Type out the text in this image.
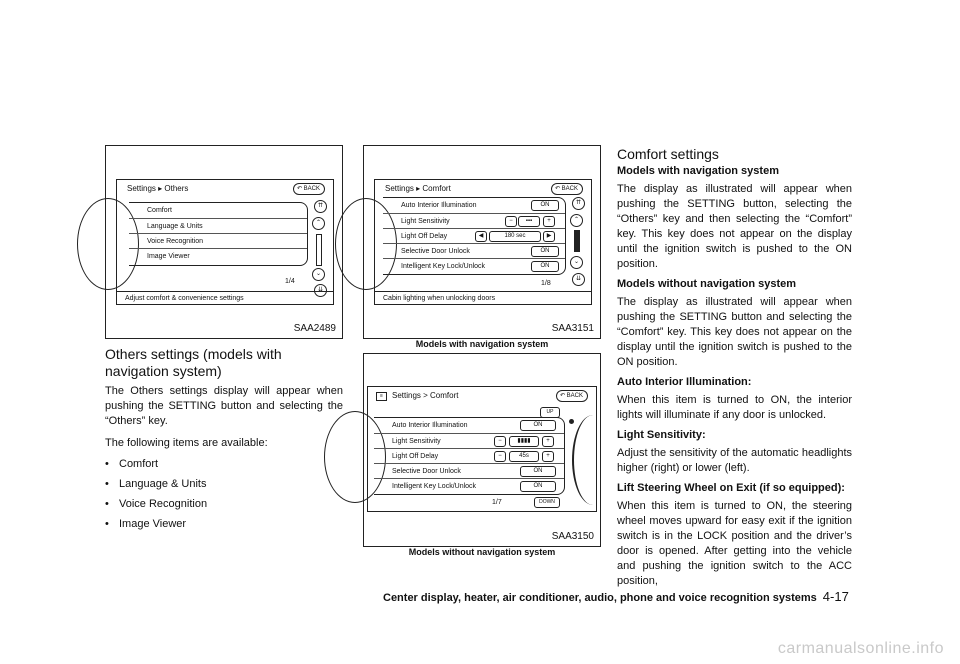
Settings ▸ Others	↶ BACK
Comfort
Language & Units
Voice Recognition
Image Viewer
⇈
⌃
⌄
⇊
1/4
Adjust comfort & convenience settings
SAA2489
Settings ▸ Comfort	↶ BACK
Auto Interior Illumination	ON
Light Sensitivity	−	▪▪▪	+
Light Off Delay	◀	180 sec	▶
Selective Door Unlock	ON
Intelligent Key Lock/Unlock	ON
⇈
⌃
⌄
⇊
1/8
Cabin lighting when unlocking doors
SAA3151
Models with navigation system
≡	Settings > Comfort	↶ BACK
UP
Auto Interior Illumination	ON
Light Sensitivity	−	▮▮▮▮	+
Light Off Delay	−	45s	+
Selective Door Unlock	ON
Intelligent Key Lock/Unlock	ON
1/7	DOWN
SAA3150
Models without navigation system
Others settings (models with navigation system)

The Others settings display will appear when pushing the SETTING button and selecting the “Others” key.

The following items are available:

• Comfort

• Language & Units

• Voice Recognition

• Image Viewer

Comfort settings
Models with navigation system

The display as illustrated will appear when pushing the SETTING button, selecting the “Others” key and then selecting the “Comfort” key. This key does not appear on the display until the ignition switch is pushed to the ON position.

Models without navigation system

The display as illustrated will appear when pushing the SETTING button and selecting the “Comfort” key. This key does not appear on the display until the ignition switch is pushed to the ON position.

Auto Interior Illumination:

When this item is turned to ON, the interior lights will illuminate if any door is unlocked.

Light Sensitivity:

Adjust the sensitivity of the automatic headlights higher (right) or lower (left).

Lift Steering Wheel on Exit (if so equipped):

When this item is turned to ON, the steering wheel moves upward for easy exit if the ignition switch is in the LOCK position and the driver’s door is opened. After getting into the vehicle and pushing the ignition switch to the ACC position,

Center display, heater, air conditioner, audio, phone and voice recognition systems 4-17
carmanualsonline.info
